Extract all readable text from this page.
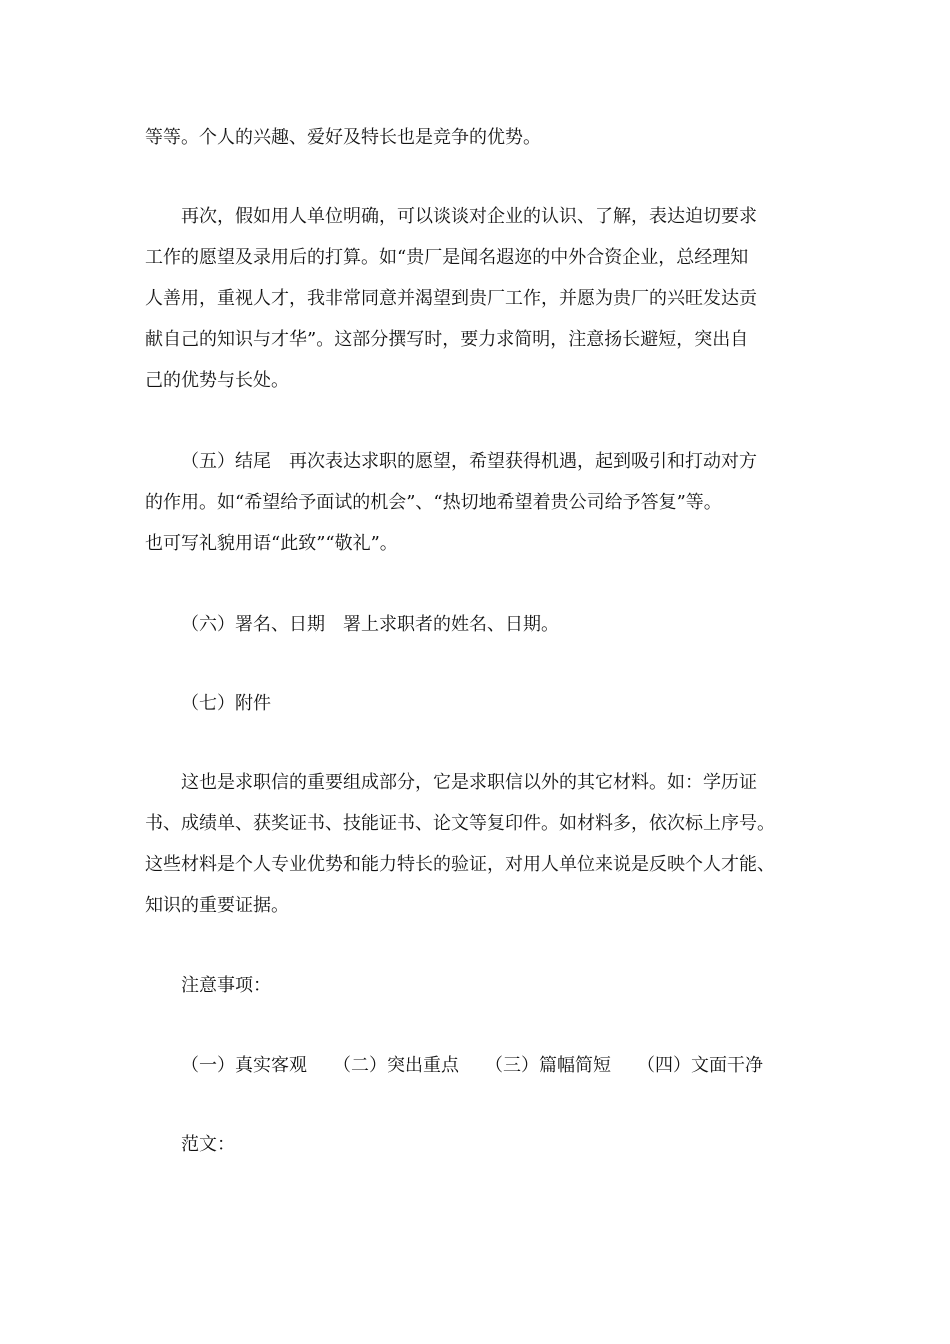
等等。个人的兴趣、爱好及特长也是竞争的优势。

再次，假如用人单位明确，可以谈谈对企业的认识、了解，表达迫切要求
工作的愿望及录用后的打算。如“贵厂是闻名遐迩的中外合资企业，总经理知
人善用，重视人才，我非常同意并渴望到贵厂工作，并愿为贵厂的兴旺发达贡
献自己的知识与才华”。这部分撰写时，要力求简明，注意扬长避短，突出自
己的优势与长处。

（五）结尾 再次表达求职的愿望，希望获得机遇，起到吸引和打动对方
的作用。如“希望给予面试的机会”、“热切地希望着贵公司给予答复”等。
也可写礼貌用语“此致”“敬礼”。

（六）署名、日期 署上求职者的姓名、日期。

（七）附件

这也是求职信的重要组成部分，它是求职信以外的其它材料。如：学历证
书、成绩单、获奖证书、技能证书、论文等复印件。如材料多，依次标上序号。
这些材料是个人专业优势和能力特长的验证，对用人单位来说是反映个人才能、
知识的重要证据。

注意事项：

（一）真实客观 （二）突出重点 （三）篇幅简短 （四）文面干净

范文：
